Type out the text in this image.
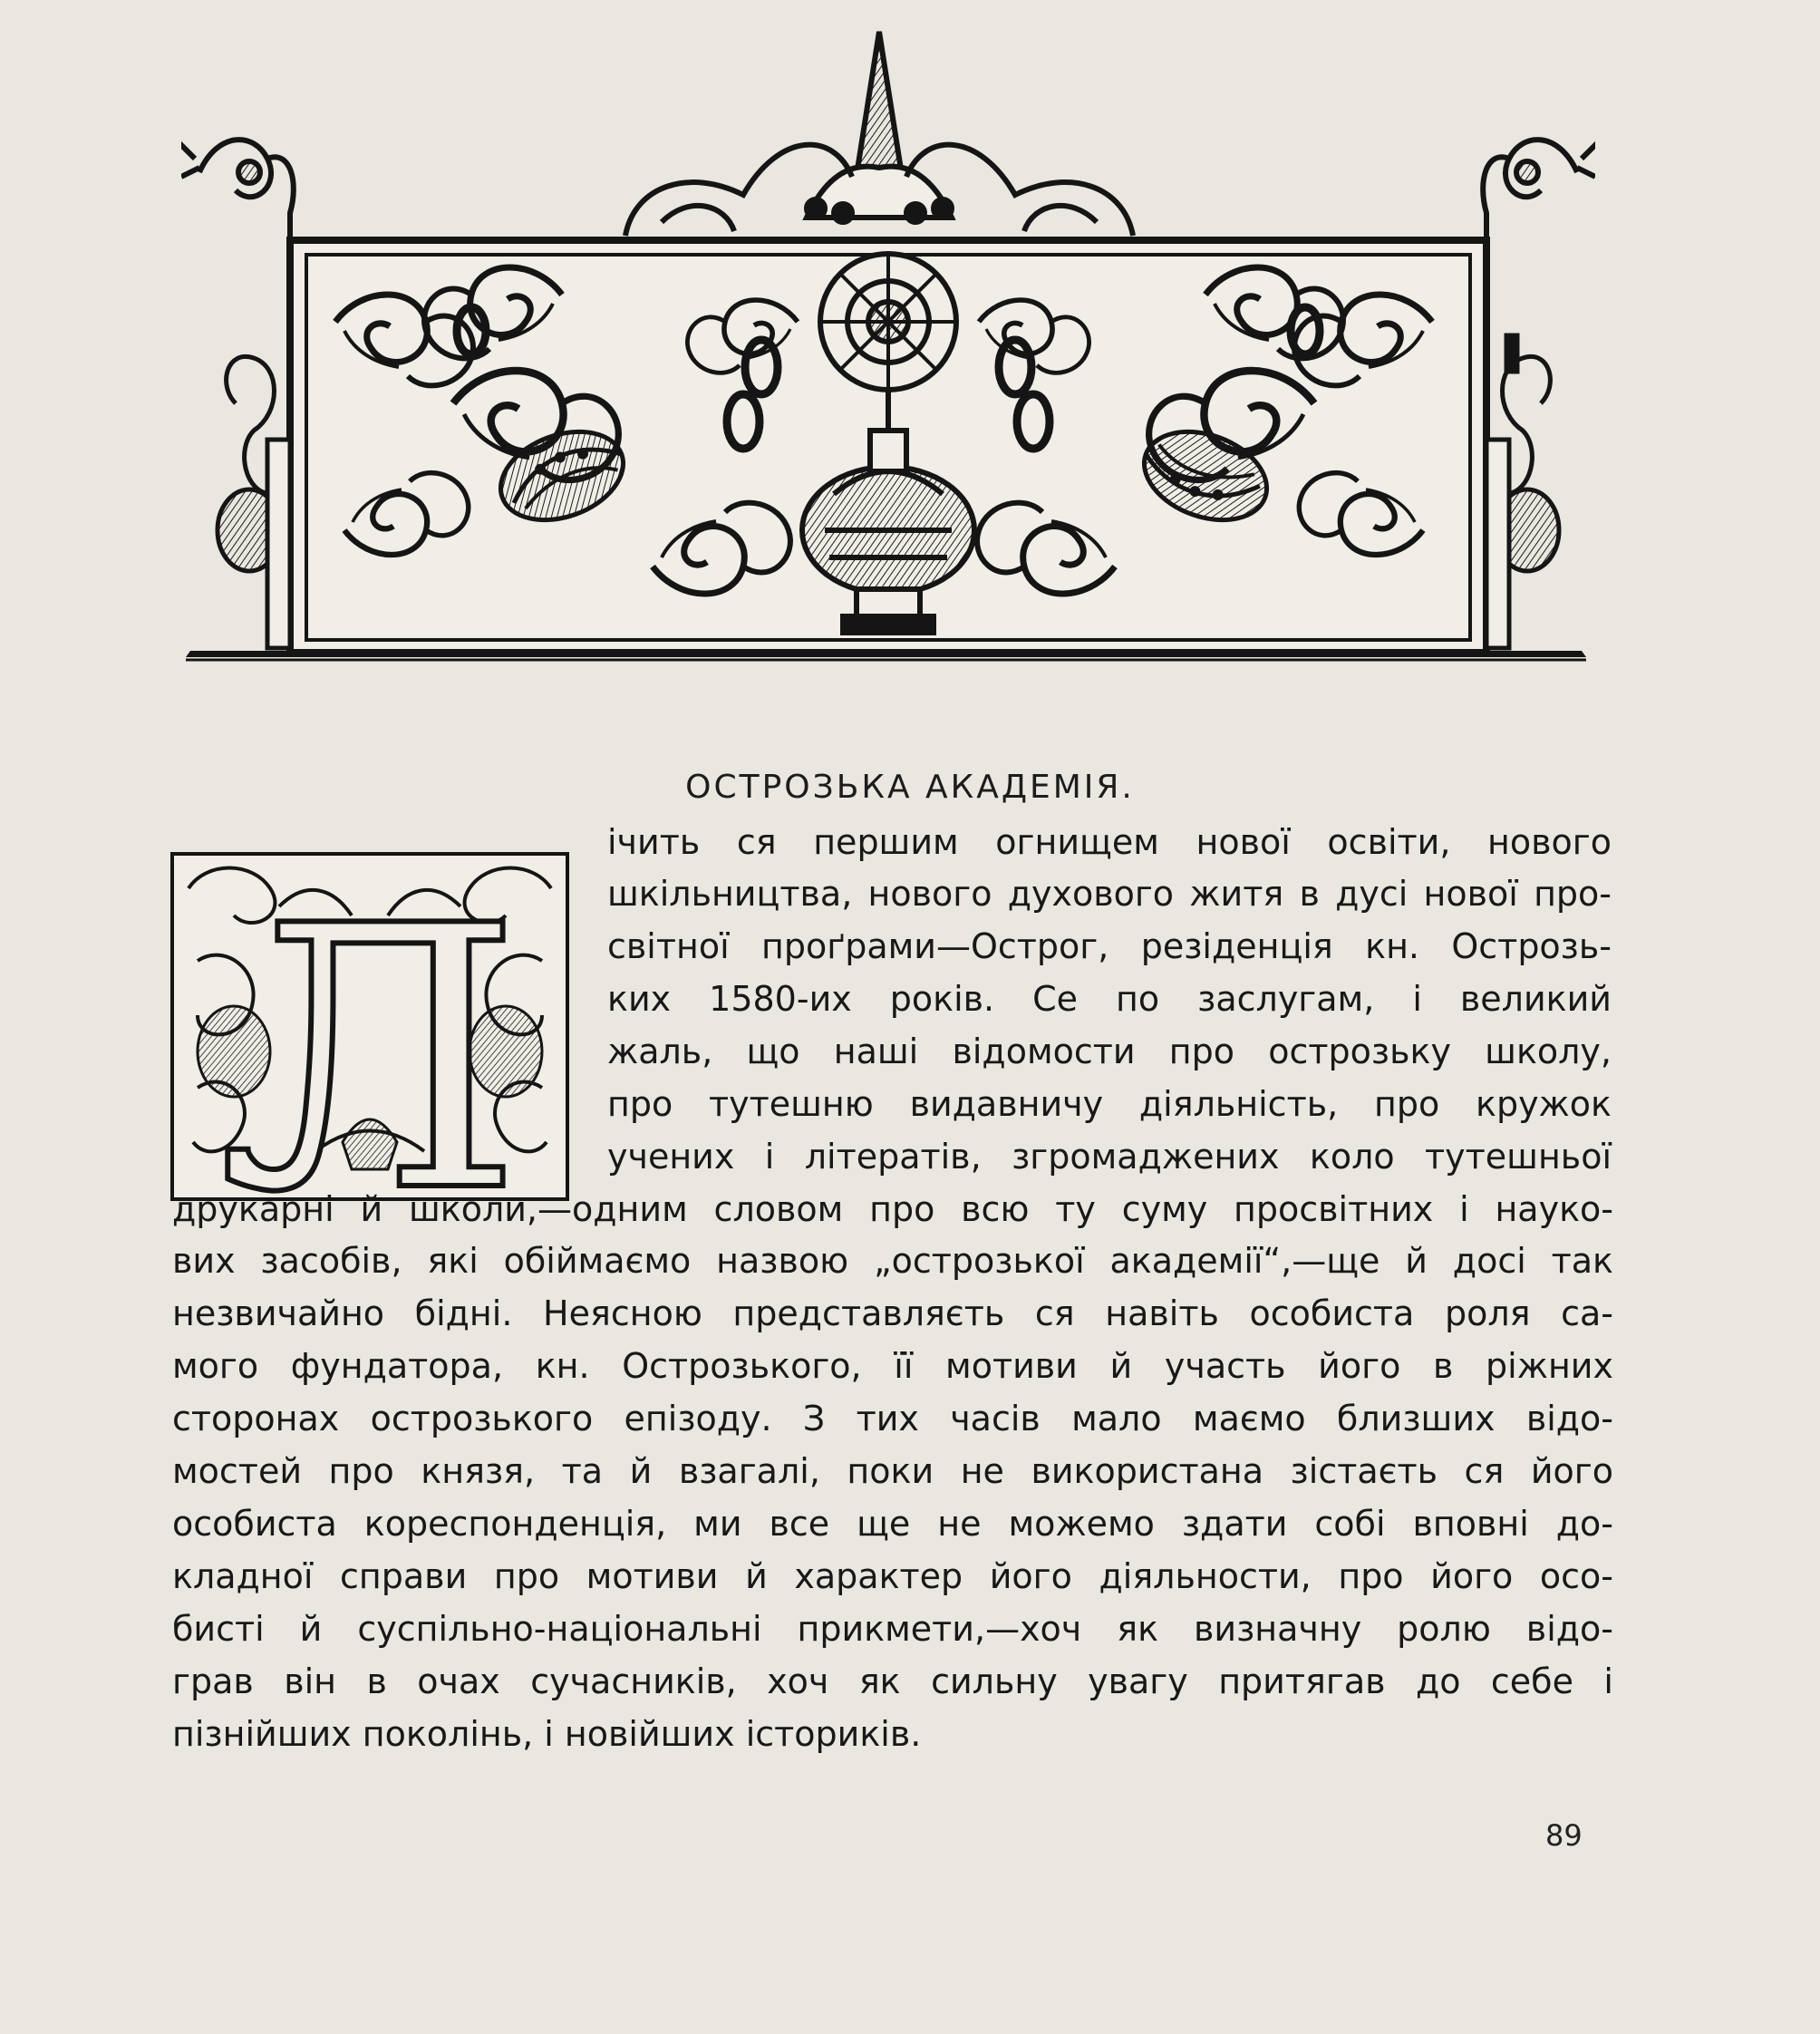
ОСТРОЗЬКА АКАДЕМІЯ.
Л
ічить ся першим огнищем нової освіти, нового
шкільництва, нового духового житя в дусі нової про-
світної проґрами—Острог, резіденція кн. Острозь-
ких 1580-их років. Се по заслугам, і великий
жаль, що наші відомости про острозьку школу,
про тутешню видавничу діяльність, про кружок
учених і літератів, згромаджених коло тутешньої
друкарні й школи,—одним словом про всю ту суму просвітних і науко-
вих засобів, які обіймаємо назвою „острозької академії“,—ще й досі так
незвичайно бідні. Неясною представляєть ся навіть особиста роля са-
мого фундатора, кн. Острозького, її мотиви й участь його в ріжних
сторонах острозького епізоду. З тих часів мало маємо близших відо-
мостей про князя, та й взагалі, поки не використана зістаєть ся його
особиста кореспонденція, ми все ще не можемо здати собі вповні до-
кладної справи про мотиви й характер його діяльности, про його осо-
бисті й суспільно-національні прикмети,—хоч як визначну ролю відо-
грав він в очах сучасників, хоч як сильну увагу притягав до себе і
пізнійших поколінь, і новійших істориків.
89
